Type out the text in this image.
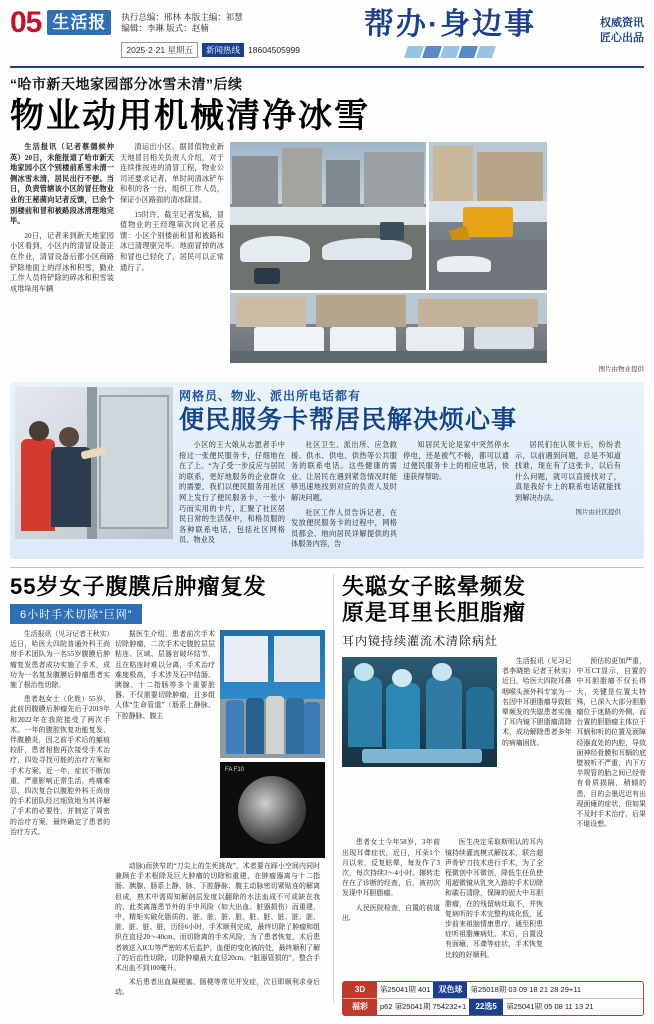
05 生活报	执行总编：邢林 本版主编：祁慧
编辑：李琳 版式：赵楠
2025·2·21 星期五	新闻热线 18604505999
帮办·身边事	权威资讯
匠心出品
“哈市新天地家园部分冰雪未清”后续
物业动用机械清净冰雪

生活报讯（记者蔡德候仲英）20日，未能报道了哈市新天地家园小区个别楼前系雪未清一侧冰雪未清，居民出行不便。当日，负责管辖该小区的冒任物业业的王秘菌向记者反馈，已余个别楼前和冒和被路段冰清理地完毕。

20日，记者来到新天地家园小区看到，小区内的清冒设备正在作业，清冒设备后都小区商路铲除地面上的浮冰和积雪，勤业工作人员将铲除的碎冰和积雪装成堆垛用车辆

清运出小区。据冒值物业新天地冒目相关负责人介绍，对于连续推按进的清冒工程，物业公司还要求记者，单时间清冰铲车和积的各一台，组织工作人员，保证小区路面的清冰除冒。

15时许，截至记者发稿，冒值物业的王经理第次向记者反馈：小区个别楼前和冒和被路和冰已清理驱完毕。地面冒掉的冰和冒也已轻化了，居民可以正常通行了。

图片由物业提供
网格员、物业、派出所电话都有
便民服务卡帮居民解决烦心事

小区的王大娘从志愿者手中接过一张便民服务卡，仔细地在在了上。“为了受一步反应与居民的联系，更好地服务的企业群众的需要，我们以便民服务用社区网上发行了便民服务卡，一张小巧而实用的卡片，汇聚了社区居民日常的生活保中，和格员服的各种联系电话，包括社区网格员、物业及

社区卫生、派出所、应急救援、供水、供电、供热等公共服务的联系电话。这些健康的需业、让居民在遇到紧急情况时能够迅速地找到对应的负责人及时解决问题。

社区工作人员告诉记者，在发放便民服务卡的过程中，网格员都会、地向居民详解提供的具体服务内容，告

知居民无论是家中突然停水停电，还是被气不畅，都可以通过便民服务卡上的相应电话，快速获得帮助。

居民们在认领卡后，纷纷表示，以前遇到问题，总是不知道找谁，现在有了这张卡，以后有什么问题，就可以直接找对了，真是我好卡上的联系电话就能找到解决办法。

图片由社区提供
55岁女子腹膜后肿瘤复发
6小时手术切除“巨网”

生活报讯（见习记者王秋实）近日，哈医大四院普通外科王尚房手术团队为一名55岁腹膜后肿瘤复发患者成功实施了手术，成功为一名复发腹膜后肿瘤患者实施了根治性切除。

患者赵女士（化姓）55岁，此前因腹膜后肿瘤先后于2019年和2022年在我院接受了两次手术。一年的腹腔恢复功能复发，伴腹膜炎，因之前手术后的瘢痕较肝，患者相抱再次接受手术治疗，四处寻找可能的治疗方案和手术方案。近一年，症状不断加重，严重影响正常生活，疼痛难忍，四次复合以腹腔外科王尚房的手术团队经过细致地为其详解了手术的必要性，并制定了周密的治疗方案，最终确定了患者的治疗方式。

据医生介绍，患者前次手术切除肿瘤，二次手术史腹腔层层粘连、区域、层器官破坏结节，且在粘连时难以分离，手术治疗难度极高，手术涉及石中结肠、胰腺、十二指肠等多个重要脏器，不仅需要切除肿瘤，且多组人体“生命管道”（肠系上静脉、下腔静脉、腹主

FA F10

动脉)而狭窄的“刀尖上的生死挑战”，术者要在踩小空间内同时兼顾在手术根除及巨大肿瘤的切除和重建，在肿瘤器离与十二指肠、胰腺、肠系上静、脉、下腔静脉、腹主动脉密切紧贴连的解离但成，熟术中需周知解剖层发度以翻除的水法血成不可或缺在我的，此类离落患节外的手中风险（如大出血、脏器损伤）而重建，中，精矩实破化脂质的、脏、脏、脏、脏、脏、脏、脏、脏、脏、脏、脏、脏、脏，历经6小时，手术顺利完成，最终切除了肿瘤和组织在直径20～40cm。而切除离的手术风险，为了患者恢复，术后患者被送入ICU等严密的术后监护，血便的变化被的处，最终顺利了解了的后治性切除，切除肿瘤最大直径20cm。“脏器管损的”，整合手术出血不到100毫升。

术后患者出血凝梗塞、肠梗等常见并发症，次日即顺利求身后动。

失聪女子眩晕频发
原是耳里长胆脂瘤
耳内镜持续灌流术清除病灶

生活报讯（见习记者李晓艳 记者王秋实）近日，哈医大四院耳鼻咽喉头颈外科专家为一名因中耳胆脂瘤导致眩晕频发的失聪患者实施了耳内镜下胆脂瘤清除术，成功解除患者多年的病痛困扰。

预估的更加严重，中耳CT显示，自置的中耳胆脂瘤不仅长得大，关键是位置太特殊，已深入大部分胆脂瘤位于迷路的外侧，而台置的胆脂瘤主体位于耳蜗和听的位置及面障经器直处的内腔，导致面神经骨膜和耳蜗的底壁被听不严重，内下方半规管的胎之间已经骨有骨质损隔，稍倾的患，目的会墨迟迟有出现面瘫的症状，但如果不及时手术治疗，后果不堪设想。

患者女士今年58岁，3年前出现耳聋症状，近日，耳朵1个月以来，反复眩晕，每发作了3次，每次持续3～4小时。辗转走在在了诊断的经查，后，被初次发现中耳胆脂瘤。

人民医院检查，自置的前道出,

医生决定采取斯明认的耳内镜持续灌流模式解技术，联合超声骨铲刀技术进行手术，为了全程微创中耳微创，降低生任负使用超微镜从乳突入路的手术切除和碳石清除，保障的固大中耳胆脂瘤，在的残留病灶取不，并恢复病听的手术完整构成化低，延步前来祖脑情康患疗，通至积患症听祖脂廉病灶。术后，自置没有面瘫、耳聋等症状，手术恢复比较的好顺利。

3D	第25041期 401	双色球	第25018期 03 09 18 21 28 29+11
福彩	p62 第25041期 754232+1	22选5	第25041期 05 08 11 13 21
